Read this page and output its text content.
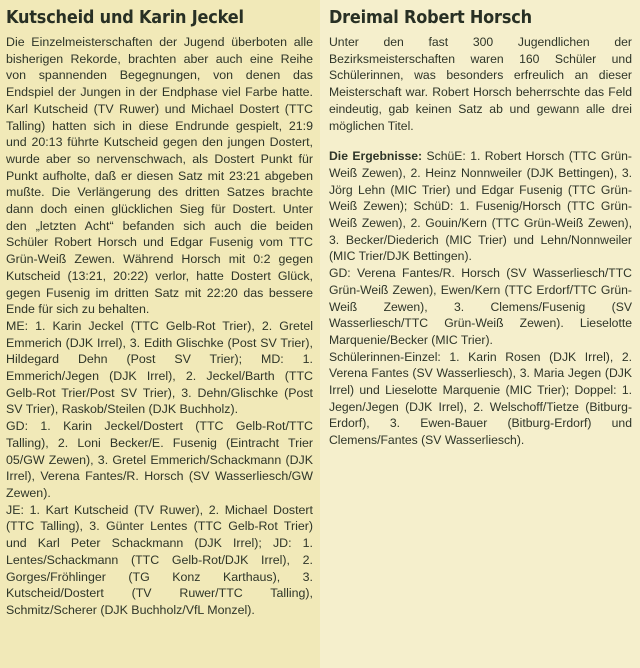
Kutscheid und Karin Jeckel

Die Einzelmeisterschaften der Jugend überboten alle bisherigen Rekorde, brachten aber auch eine Reihe von spannenden Begegnungen, von denen das Endspiel der Jungen in der Endphase viel Farbe hatte. Karl Kutscheid (TV Ruwer) und Michael Dostert (TTC Talling) hatten sich in diese Endrunde gespielt, 21:9 und 20:13 führte Kutscheid gegen den jungen Dostert, wurde aber so nervenschwach, als Dostert Punkt für Punkt aufholte, daß er diesen Satz mit 23:21 abgeben mußte. Die Verlängerung des dritten Satzes brachte dann doch einen glücklichen Sieg für Dostert. Unter den „letzten Acht“ befanden sich auch die beiden Schüler Robert Horsch und Edgar Fusenig vom TTC Grün-Weiß Zewen. Während Horsch mit 0:2 gegen Kutscheid (13:21, 20:22) verlor, hatte Dostert Glück, gegen Fusenig im dritten Satz mit 22:20 das bessere Ende für sich zu behalten.

ME: 1. Karin Jeckel (TTC Gelb-Rot Trier), 2. Gretel Emmerich (DJK Irrel), 3. Edith Glischke (Post SV Trier), Hildegard Dehn (Post SV Trier); MD: 1. Emmerich/Jegen (DJK Irrel), 2. Jeckel/Barth (TTC Gelb-Rot Trier/Post SV Trier), 3. Dehn/Glischke (Post SV Trier), Raskob/Steilen (DJK Buchholz).

GD: 1. Karin Jeckel/Dostert (TTC Gelb-Rot/TTC Talling), 2. Loni Becker/E. Fusenig (Eintracht Trier 05/GW Zewen), 3. Gretel Emmerich/Schackmann (DJK Irrel), Verena Fantes/R. Horsch (SV Wasserliesch/GW Zewen).

JE: 1. Kart Kutscheid (TV Ruwer), 2. Michael Dostert (TTC Talling), 3. Günter Lentes (TTC Gelb-Rot Trier) und Karl Peter Schackmann (DJK Irrel); JD: 1. Lentes/Schackmann (TTC Gelb-Rot/DJK Irrel), 2. Gorges/Fröhlinger (TG Konz Karthaus), 3. Kutscheid/Dostert (TV Ruwer/TTC Talling), Schmitz/Scherer (DJK Buchholz/VfL Monzel).

Dreimal Robert Horsch

Unter den fast 300 Jugendlichen der Bezirksmeisterschaften waren 160 Schüler und Schülerinnen, was besonders erfreulich an dieser Meisterschaft war. Robert Horsch beherrschte das Feld eindeutig, gab keinen Satz ab und gewann alle drei möglichen Titel.

Die Ergebnisse: SchüE: 1. Robert Horsch (TTC Grün-Weiß Zewen), 2. Heinz Nonnweiler (DJK Bettingen), 3. Jörg Lehn (MIC Trier) und Edgar Fusenig (TTC Grün-Weiß Zewen); SchüD: 1. Fusenig/Horsch (TTC Grün-Weiß Zewen), 2. Gouin/Kern (TTC Grün-Weiß Zewen), 3. Becker/Diederich (MIC Trier) und Lehn/Nonnweiler (MIC Trier/DJK Bettingen).

GD: Verena Fantes/R. Horsch (SV Wasserliesch/TTC Grün-Weiß Zewen), Ewen/Kern (TTC Erdorf/TTC Grün-Weiß Zewen), 3. Clemens/Fusenig (SV Wasserliesch/TTC Grün-Weiß Zewen). Lieselotte Marquenie/Becker (MIC Trier).

Schülerinnen-Einzel: 1. Karin Rosen (DJK Irrel), 2. Verena Fantes (SV Wasserliesch), 3. Maria Jegen (DJK Irrel) und Lieselotte Marquenie (MIC Trier); Doppel: 1. Jegen/Jegen (DJK Irrel), 2. Welschoff/Tietze (Bitburg-Erdorf), 3. Ewen-Bauer (Bitburg-Erdorf) und Clemens/Fantes (SV Wasserliesch).
